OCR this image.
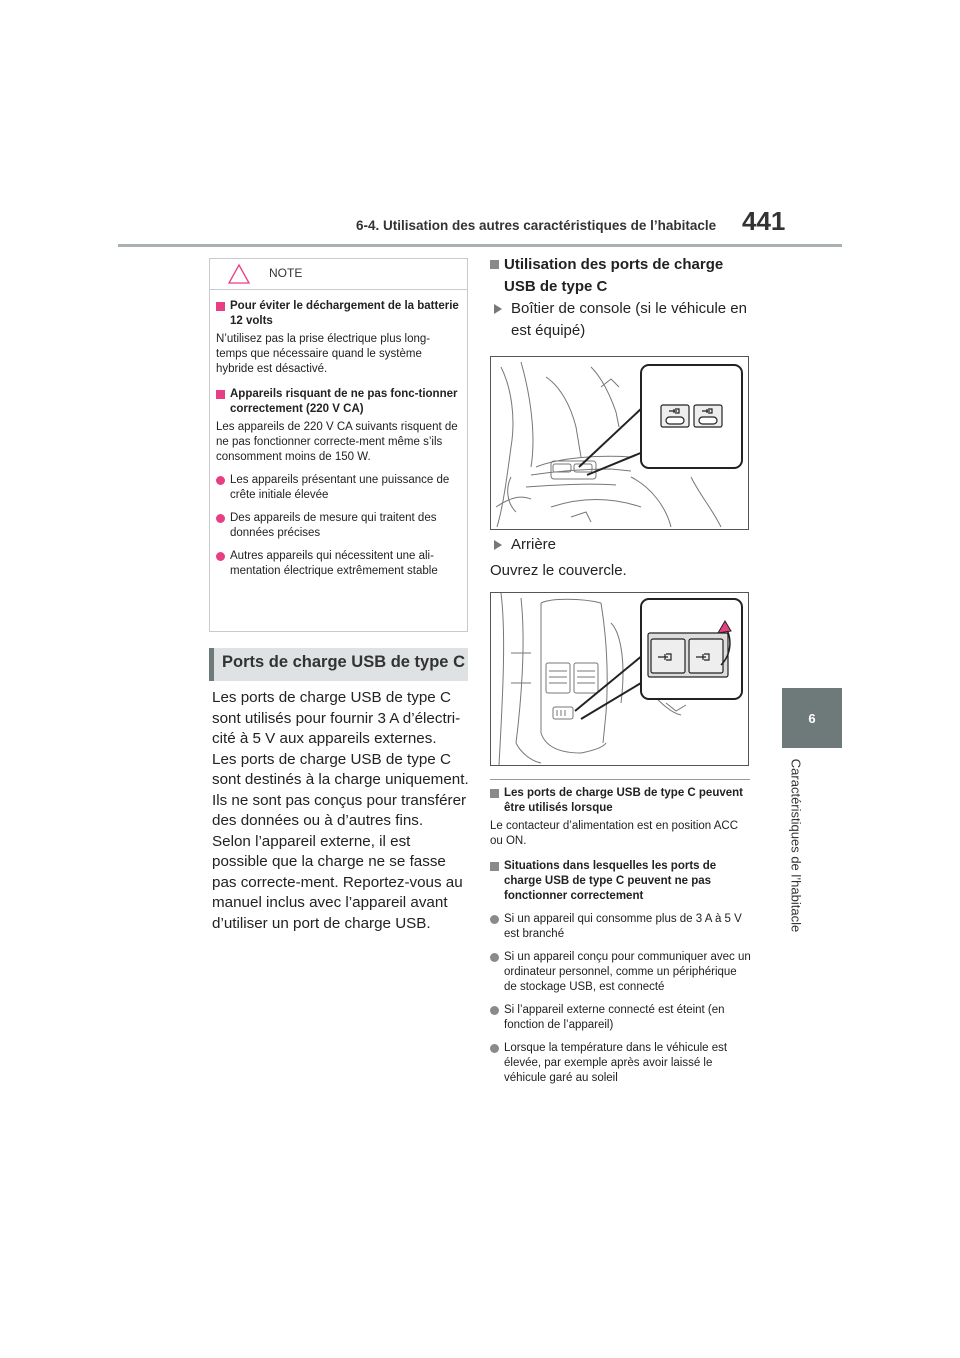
6-4. Utilisation des autres caractéristiques de l’habitacle 441
6
Caractéristiques de l’habitacle
NOTE
Pour éviter le déchargement de la batterie 12 volts
N’utilisez pas la prise électrique plus long-temps que nécessaire quand le système hybride est désactivé.
Appareils risquant de ne pas fonc-tionner correctement (220 V CA)
Les appareils de 220 V CA suivants risquent de ne pas fonctionner correcte-ment même s’ils consomment moins de 150 W.
Les appareils présentant une puissance de crête initiale élevée
Des appareils de mesure qui traitent des données précises
Autres appareils qui nécessitent une ali-mentation électrique extrêmement stable
Ports de charge USB de type C

Les ports de charge USB de type C sont utilisés pour fournir 3 A d’électri-cité à 5 V aux appareils externes.

Les ports de charge USB de type C sont destinés à la charge uniquement. Ils ne sont pas conçus pour transférer des données ou à d’autres fins.

Selon l’appareil externe, il est possible que la charge ne se fasse pas correcte-ment. Reportez-vous au manuel inclus avec l’appareil avant d’utiliser un port de charge USB.

Utilisation des ports de charge USB de type C
Boîtier de console (si le véhicule en est équipé)
Arrière
Ouvrez le couvercle.
Les ports de charge USB de type C peuvent être utilisés lorsque
Le contacteur d’alimentation est en position ACC ou ON.
Situations dans lesquelles les ports de charge USB de type C peuvent ne pas fonctionner correctement
Si un appareil qui consomme plus de 3 A à 5 V est branché
Si un appareil conçu pour communiquer avec un ordinateur personnel, comme un périphérique de stockage USB, est connecté
Si l’appareil externe connecté est éteint (en fonction de l’appareil)
Lorsque la température dans le véhicule est élevée, par exemple après avoir laissé le véhicule garé au soleil
